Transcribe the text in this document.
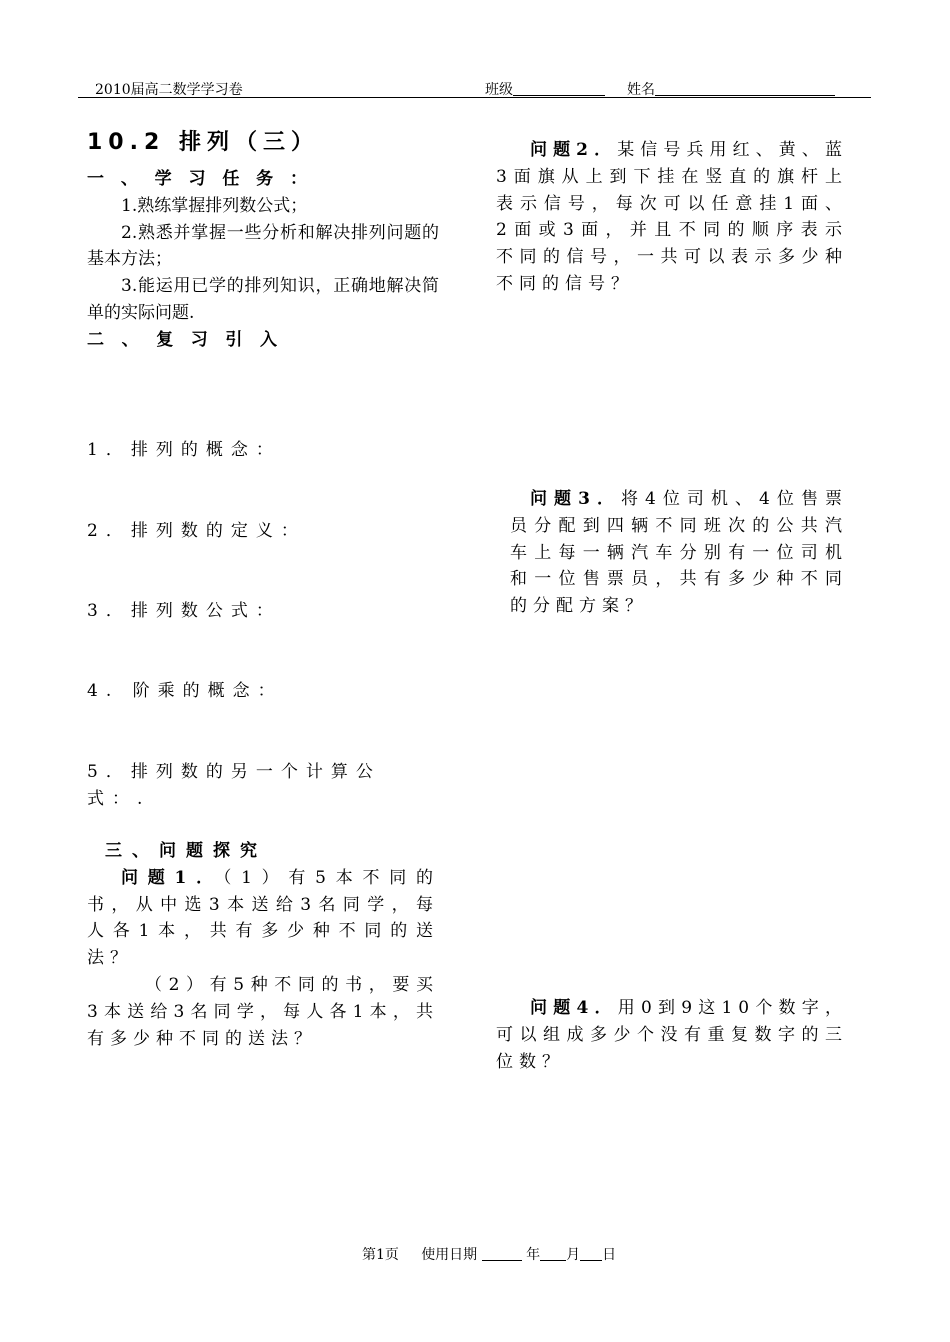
2010届高二数学学习卷	班级	姓名
10.2 排列（三）
一、学习任务：

1.熟练掌握排列数公式；

2.熟悉并掌握一些分析和解决排列问题的基本方法；

3.能运用已学的排列知识，正确地解决简单的实际问题.

二、复习引入
1．排列的概念：
2．排列数的定义：
3．排列数公式：
4. 阶乘的概念：
5．排列数的另一个计算公式：.
三、问题探究

问题1．（1）有5本不同的书，从中选3本送给3名同学，每人各1本，共有多少种不同的送法？

（2）有5种不同的书，要买3本送给3名同学，每人各1本，共有多少种不同的送法？

问题2．某信号兵用红、黄、蓝3面旗从上到下挂在竖直的旗杆上表示信号，每次可以任意挂1面、2面或3面，并且不同的顺序表示不同的信号，一共可以表示多少种不同的信号？

问题3．将4位司机、4位售票员分配到四辆不同班次的公共汽车上每一辆汽车分别有一位司机和一位售票员，共有多少种不同的分配方案？

问题4．用0到9这10个数字，可以组成多少个没有重复数字的三位数？

第1页 使用日期	年 月 日
